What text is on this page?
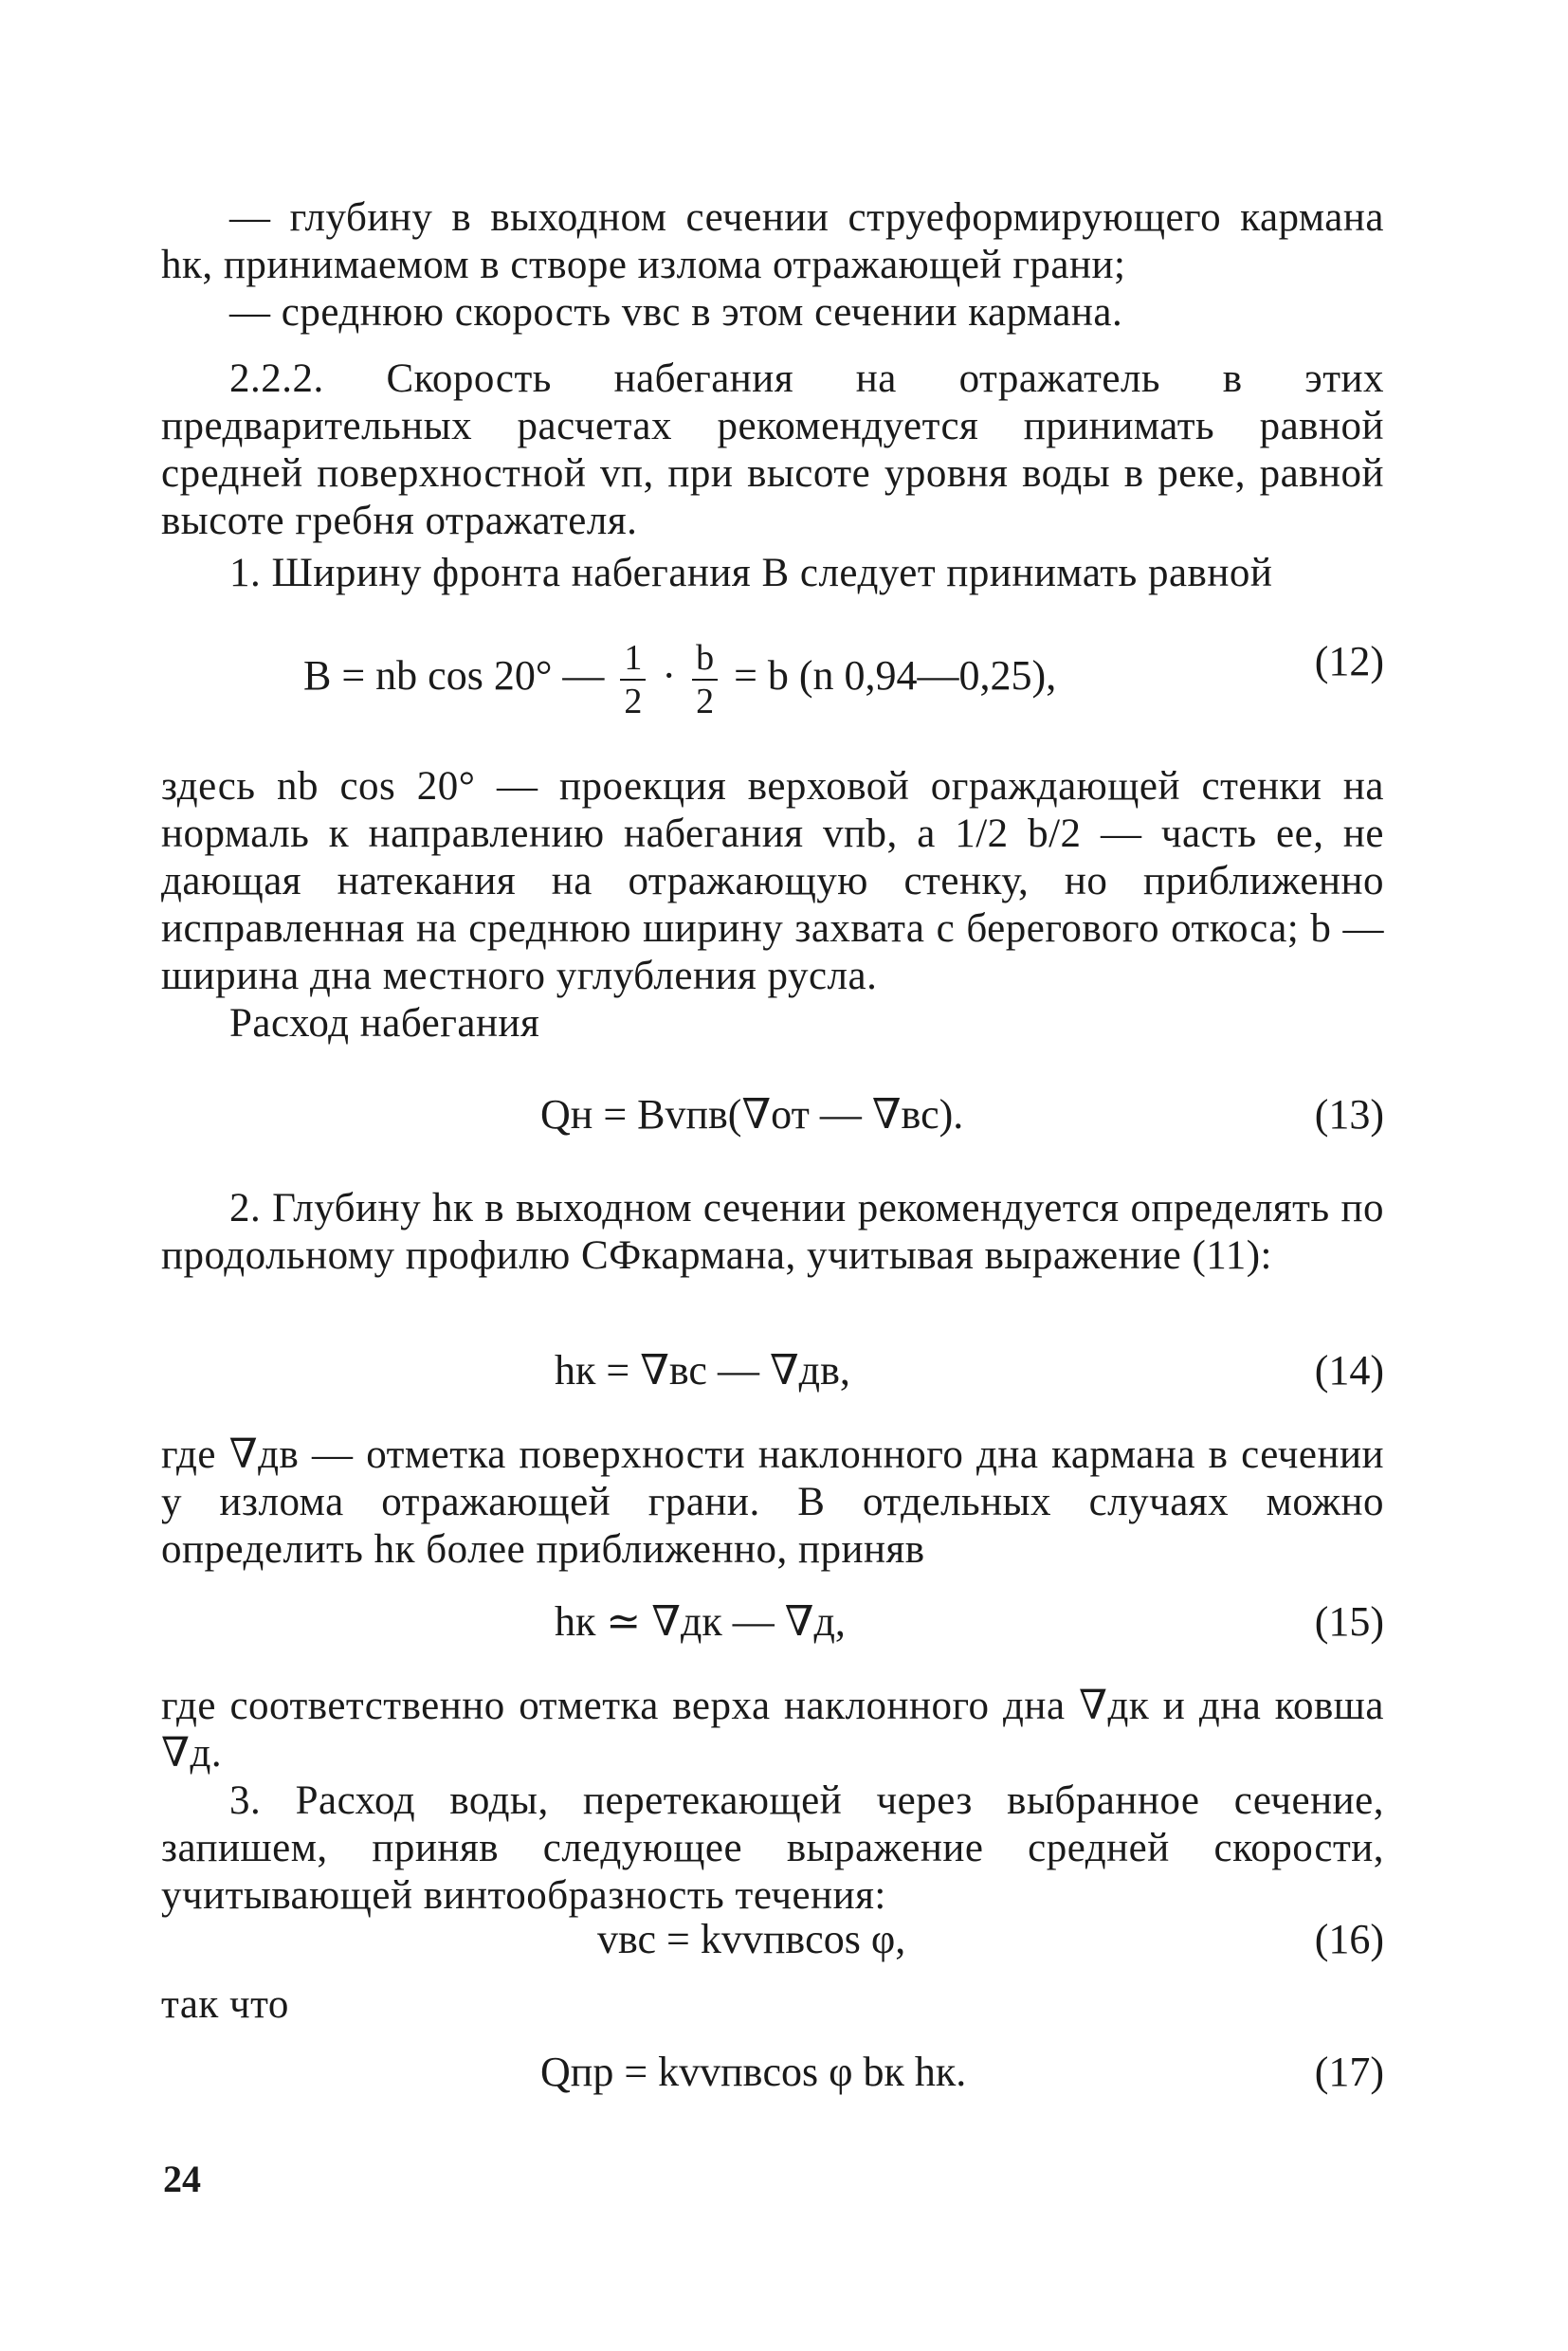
— глубину в выходном сечении струеформирующего кармана hк, принимаемом в створе излома отражающей грани;

— среднюю скорость vвс в этом сечении кармана.

2.2.2. Скорость набегания на отражатель в этих предварительных расчетах рекомендуется принимать равной средней поверхностной vп, при высоте уровня воды в реке, равной высоте гребня отражателя.

1. Ширину фронта набегания B следует принимать равной

B = nb cos 20° — $\frac{1}{2} \cdot \frac{b}{2} = b$ (n 0,94—0,25),	(12)

здесь nb cos 20° — проекция верховой ограждающей стенки на нормаль к направлению набегания vпb, а 1/2 b/2 — часть ее, не дающая натекания на отражающую стенку, но приближенно исправленная на среднюю ширину захвата с берегового откоса; b — ширина дна местного углубления русла.

Расход набегания

Qн = Bvпв(∇от — ∇вс).	(13)

2. Глубину hк в выходном сечении рекомендуется определять по продольному профилю СФкармана, учитывая выражение (11):

hк = ∇вс — ∇дв,	(14)

где ∇дв — отметка поверхности наклонного дна кармана в сечении у излома отражающей грани. В отдельных случаях можно определить hк более приближенно, приняв

hк ≃ ∇дк — ∇д,	(15)

где соответственно отметка верха наклонного дна ∇дк и дна ковша ∇д.

3. Расход воды, перетекающей через выбранное сечение, запишем, приняв следующее выражение средней скорости, учитывающей винтообразность течения:

vвс = kvvпвcos φ,	(16)

так что

Qпр = kvvпвcos φ bк hк.	(17)
24
